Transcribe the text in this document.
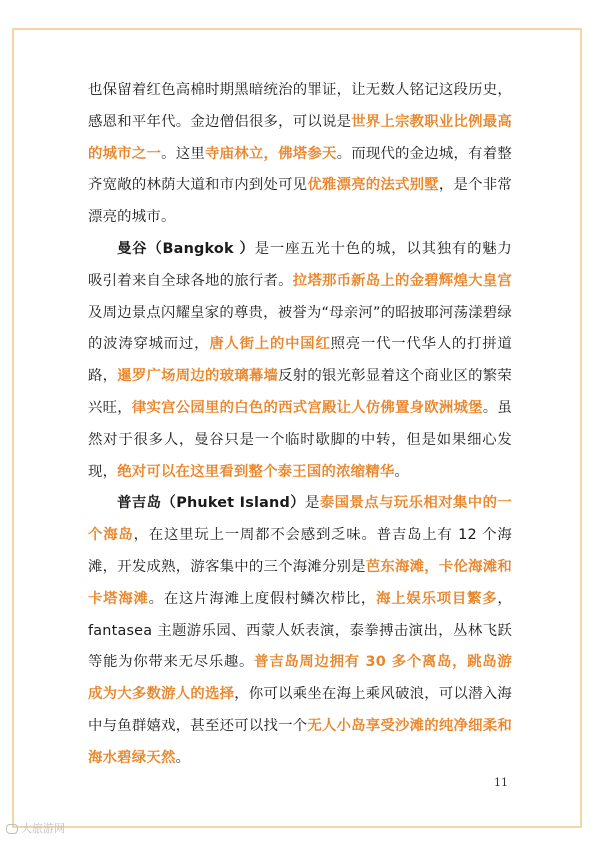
也保留着红色高棉时期黑暗统治的罪证，让无数人铭记这段历史，感恩和平年代。金边僧侣很多，可以说是世界上宗教职业比例最高的城市之一。这里寺庙林立，佛塔参天。而现代的金边城，有着整齐宽敞的林荫大道和市内到处可见优雅漂亮的法式别墅，是个非常漂亮的城市。

曼谷（Bangkok ）是一座五光十色的城，以其独有的魅力吸引着来自全球各地的旅行者。拉塔那币新岛上的金碧辉煌大皇宫及周边景点闪耀皇家的尊贵，被誉为“母亲河”的昭披耶河荡漾碧绿的波涛穿城而过，唐人街上的中国红照亮一代一代华人的打拼道路，暹罗广场周边的玻璃幕墙反射的银光彰显着这个商业区的繁荣兴旺，律实宫公园里的白色的西式宫殿让人仿佛置身欧洲城堡。虽然对于很多人，曼谷只是一个临时歇脚的中转，但是如果细心发现，绝对可以在这里看到整个泰王国的浓缩精华。

普吉岛（Phuket Island）是泰国景点与玩乐相对集中的一个海岛，在这里玩上一周都不会感到乏味。普吉岛上有 12 个海滩，开发成熟，游客集中的三个海滩分别是芭东海滩，卡伦海滩和卡塔海滩。在这片海滩上度假村鳞次栉比，海上娱乐项目繁多，fantasea 主题游乐园、西蒙人妖表演，泰拳搏击演出，丛林飞跃等能为你带来无尽乐趣。普吉岛周边拥有 30 多个离岛，跳岛游成为大多数游人的选择，你可以乘坐在海上乘风破浪，可以潜入海中与鱼群嬉戏，甚至还可以找一个无人小岛享受沙滩的纯净细柔和海水碧绿天然。

11
大旅游网
